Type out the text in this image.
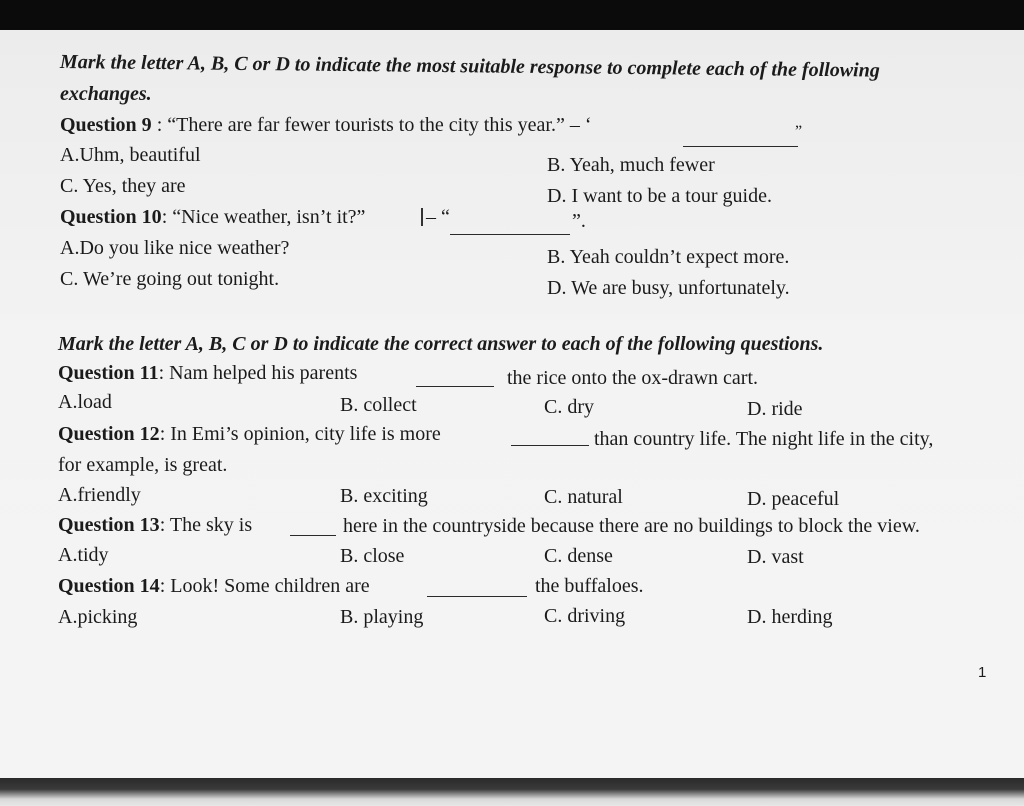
Mark the letter A, B, C or D to indicate the most suitable response to complete each of the following
exchanges.
Question 9 : “There are far fewer tourists to the city this year.” – ‘	”
A.Uhm, beautiful	B. Yeah, much fewer
C. Yes, they are	D. I want to be a tour guide.
Question 10: “Nice weather, isn’t it?”	– “	”.
A.Do you like nice weather?	B. Yeah couldn’t expect more.
C. We’re going out tonight.	D. We are busy, unfortunately.
Mark the letter A, B, C or D to indicate the correct answer to each of the following questions.
Question 11: Nam helped his parents	the rice onto the ox-drawn cart.
A.load	B. collect	C. dry	D. ride
Question 12: In Emi’s opinion, city life is more	than country life. The night life in the city,
for example, is great.
A.friendly	B. exciting	C. natural	D. peaceful
Question 13: The sky is	here in the countryside because there are no buildings to block the view.
A.tidy	B. close	C. dense	D. vast
Question 14: Look! Some children are	the buffaloes.
A.picking	B. playing	C. driving	D. herding
1
